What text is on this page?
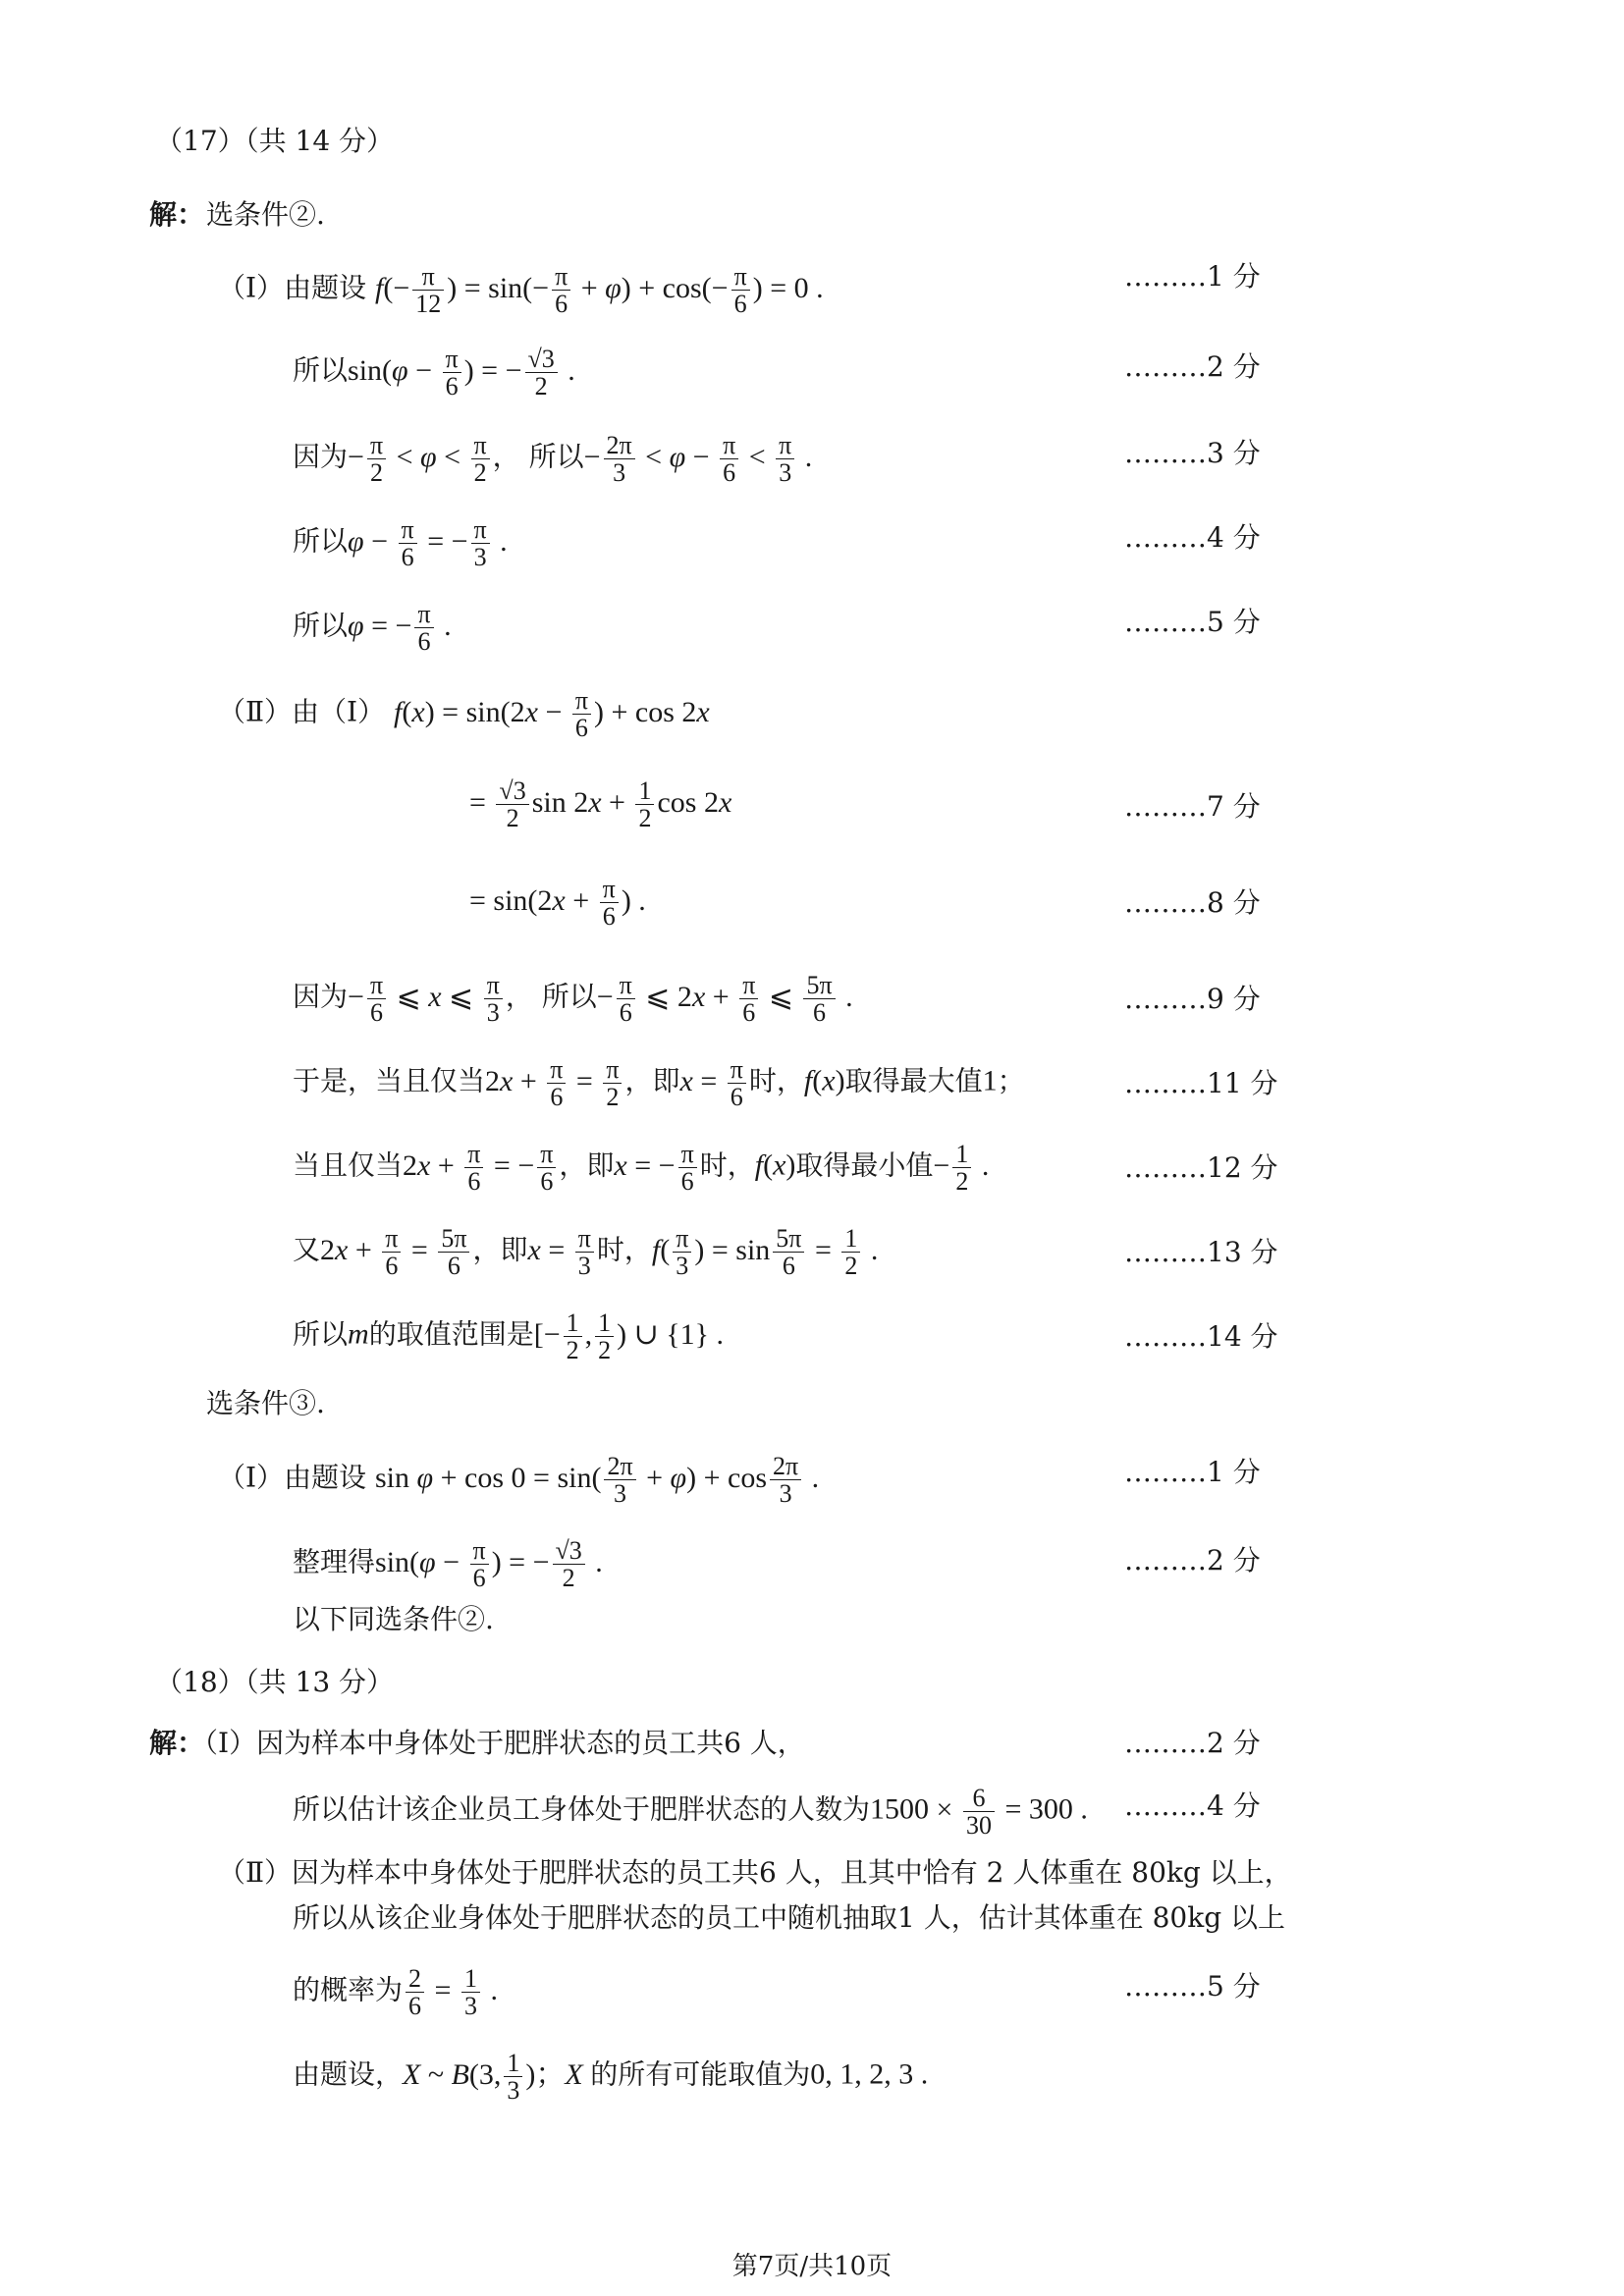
（17）（共 14 分）
解： 选条件②.
（Ⅰ）由题设 $f(- \frac{\pi}{12}$ ) = $\sin(- \frac{\pi}{6} + \varphi) + \cos(- \frac{\pi}{6}$ ) = 0 .	………1 分
所以$\sin(\varphi - \frac{\pi}{6}$ ) = − $\frac{√3}{2}$ .	………2 分
因为− $\frac{\pi}{2} < \varphi < \frac{\pi}{2}$ ， 所以− $\frac{2\pi}{3} < \varphi - \frac{\pi}{6} < \frac{\pi}{3}$ .	………3 分
所以$\varphi - \frac{\pi}{6}$ = − $\frac{\pi}{3}$ .	………4 分
所以φ = − $\frac{\pi}{6}$ .	………5 分
（Ⅱ）由（Ⅰ） $f(x) = \sin(2x - \frac{\pi}{6}$ ) + cos 2x
= $\frac{√3}{2}$ $\sin 2x + \frac{1}{2}$ cos 2x	………7 分
= $\sin(2x + \frac{\pi}{6}$ ) .	………8 分
因为− $\frac{\pi}{6}$ ⩽ x ⩽ $\frac{\pi}{3}$ ， 所以− $\frac{\pi}{6}$ ⩽ $2x + \frac{\pi}{6}$ ⩽ $\frac{5\pi}{6}$ .	………9 分
于是，当且仅当$2x + \frac{\pi}{6} = \frac{\pi}{2}$ ，即$x = \frac{\pi}{6}$ 时，f(x)取得最大值1；	………11 分
当且仅当$2x + \frac{\pi}{6}$ = − $\frac{\pi}{6}$ ，即x = − $\frac{\pi}{6}$ 时，f(x)取得最小值− $\frac{1}{2}$ .	………12 分
又$2x + \frac{\pi}{6} = \frac{5\pi}{6}$ ，即$x = \frac{\pi}{3}$ 时，$f( \frac{\pi}{3}$ ) = $\sin \frac{5\pi}{6} = \frac{1}{2}$ .	………13 分
所以m的取值范围是[− $\frac{1}{2}$ , $\frac{1}{2}$ ) ∪ {1} .	………14 分
选条件③.
（Ⅰ）由题设 $\sin \varphi + \cos 0 = \sin( \frac{2\pi}{3} + \varphi) + \cos \frac{2\pi}{3}$ .	………1 分
整理得$\sin(\varphi - \frac{\pi}{6}$ ) = − $\frac{√3}{2}$ .	………2 分
以下同选条件②.
（18）（共 13 分）
解：（Ⅰ）因为样本中身体处于肥胖状态的员工共6 人，	………2 分
所以估计该企业员工身体处于肥胖状态的人数为$1500 \times \frac{6}{30} = 300$ . ………4 分
（Ⅱ）因为样本中身体处于肥胖状态的员工共6 人，且其中恰有 2 人体重在 80kg 以上，
所以从该企业身体处于肥胖状态的员工中随机抽取1 人，估计其体重在 80kg 以上
的概率为 $\frac{2}{6} = \frac{1}{3}$ .	………5 分
由题设，X ~ B(3, $\frac{1}{3}$ )；X 的所有可能取值为0, 1, 2, 3 .
第7页/共10页
